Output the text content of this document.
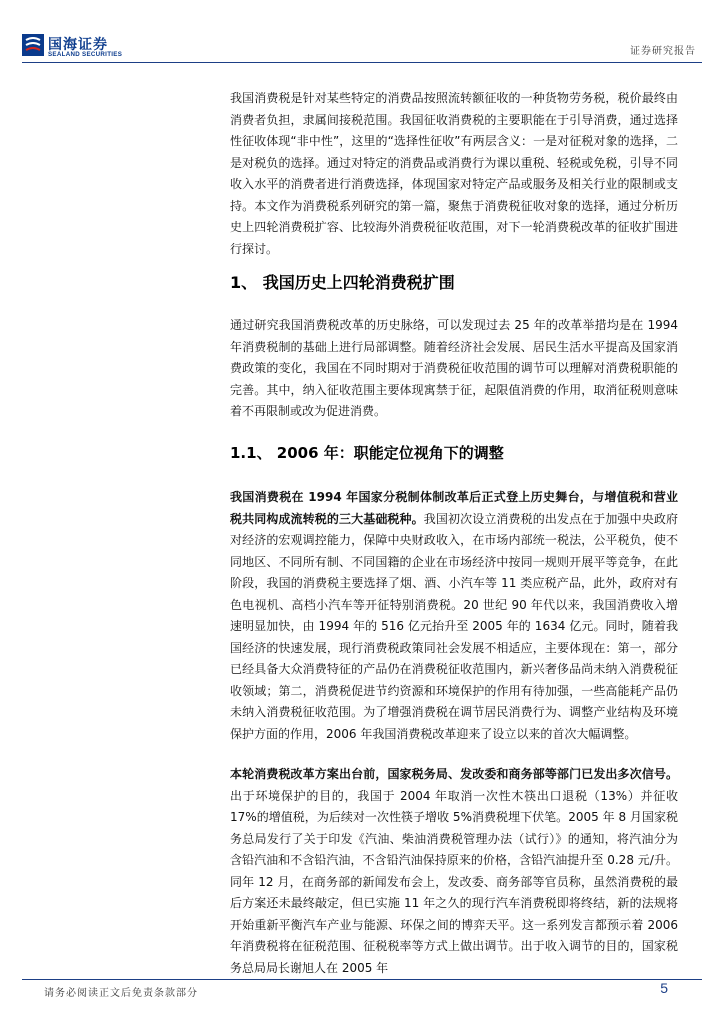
国海证券
SEALAND SECURITIES	证券研究报告

我国消费税是针对某些特定的消费品按照流转额征收的一种货物劳务税，税价最终由消费者负担，隶属间接税范围。我国征收消费税的主要职能在于引导消费，通过选择性征收体现“非中性”，这里的“选择性征收”有两层含义：一是对征税对象的选择，二是对税负的选择。通过对特定的消费品或消费行为课以重税、轻税或免税，引导不同收入水平的消费者进行消费选择，体现国家对特定产品或服务及相关行业的限制或支持。本文作为消费税系列研究的第一篇，聚焦于消费税征收对象的选择，通过分析历史上四轮消费税扩容、比较海外消费税征收范围，对下一轮消费税改革的征收扩围进行探讨。

1、 我国历史上四轮消费税扩围

通过研究我国消费税改革的历史脉络，可以发现过去 25 年的改革举措均是在 1994 年消费税制的基础上进行局部调整。随着经济社会发展、居民生活水平提高及国家消费政策的变化，我国在不同时期对于消费税征收范围的调节可以理解对消费税职能的完善。其中，纳入征收范围主要体现寓禁于征，起限值消费的作用，取消征税则意味着不再限制或改为促进消费。

1.1、 2006 年：职能定位视角下的调整

我国消费税在 1994 年国家分税制体制改革后正式登上历史舞台，与增值税和营业税共同构成流转税的三大基础税种。我国初次设立消费税的出发点在于加强中央政府对经济的宏观调控能力，保障中央财政收入，在市场内部统一税法，公平税负，使不同地区、不同所有制、不同国籍的企业在市场经济中按同一规则开展平等竞争，在此阶段，我国的消费税主要选择了烟、酒、小汽车等 11 类应税产品，此外，政府对有色电视机、高档小汽车等开征特别消费税。20 世纪 90 年代以来，我国消费收入增速明显加快，由 1994 年的 516 亿元抬升至 2005 年的 1634 亿元。同时，随着我国经济的快速发展，现行消费税政策同社会发展不相适应，主要体现在：第一，部分已经具备大众消费特征的产品仍在消费税征收范围内，新兴奢侈品尚未纳入消费税征收领域；第二，消费税促进节约资源和环境保护的作用有待加强，一些高能耗产品仍未纳入消费税征收范围。为了增强消费税在调节居民消费行为、调整产业结构及环境保护方面的作用，2006 年我国消费税改革迎来了设立以来的首次大幅调整。

本轮消费税改革方案出台前，国家税务局、发改委和商务部等部门已发出多次信号。出于环境保护的目的，我国于 2004 年取消一次性木筷出口退税（13%）并征收 17%的增值税，为后续对一次性筷子增收 5%消费税埋下伏笔。2005 年 8 月国家税务总局发行了关于印发《汽油、柴油消费税管理办法（试行）》的通知，将汽油分为含铅汽油和不含铅汽油，不含铅汽油保持原来的价格，含铅汽油提升至 0.28 元/升。同年 12 月，在商务部的新闻发布会上，发改委、商务部等官员称，虽然消费税的最后方案还未最终敲定，但已实施 11 年之久的现行汽车消费税即将终结，新的法规将开始重新平衡汽车产业与能源、环保之间的博弈天平。这一系列发言都预示着 2006 年消费税将在征税范围、征税税率等方式上做出调节。出于收入调节的目的，国家税务总局局长谢旭人在 2005 年

请务必阅读正文后免责条款部分	5
